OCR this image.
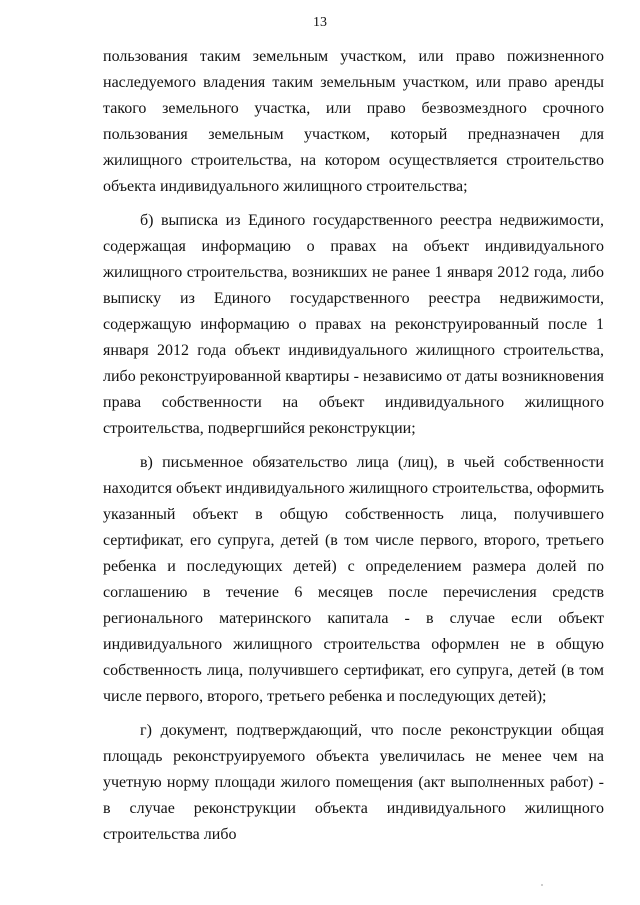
13

пользования таким земельным участком, или право пожизненного наследуемого владения таким земельным участком, или право аренды такого земельного участка, или право безвозмездного срочного пользования земельным участком, который предназначен для жилищного строительства, на котором осуществляется строительство объекта индивидуального жилищного строительства;

б) выписка из Единого государственного реестра недвижимости, содержащая информацию о правах на объект индивидуального жилищного строительства, возникших не ранее 1 января 2012 года, либо выписку из Единого государственного реестра недвижимости, содержащую информацию о правах на реконструированный после 1 января 2012 года объект индивидуального жилищного строительства, либо реконструированной квартиры - независимо от даты возникновения права собственности на объект индивидуального жилищного строительства, подвергшийся реконструкции;

в) письменное обязательство лица (лиц), в чьей собственности находится объект индивидуального жилищного строительства, оформить указанный объект в общую собственность лица, получившего сертификат, его супруга, детей (в том числе первого, второго, третьего ребенка и последующих детей) с определением размера долей по соглашению в течение 6 месяцев после перечисления средств регионального материнского капитала - в случае если объект индивидуального жилищного строительства оформлен не в общую собственность лица, получившего сертификат, его супруга, детей (в том числе первого, второго, третьего ребенка и последующих детей);

г) документ, подтверждающий, что после реконструкции общая площадь реконструируемого объекта увеличилась не менее чем на учетную норму площади жилого помещения (акт выполненных работ) - в случае реконструкции объекта индивидуального жилищного строительства либо
